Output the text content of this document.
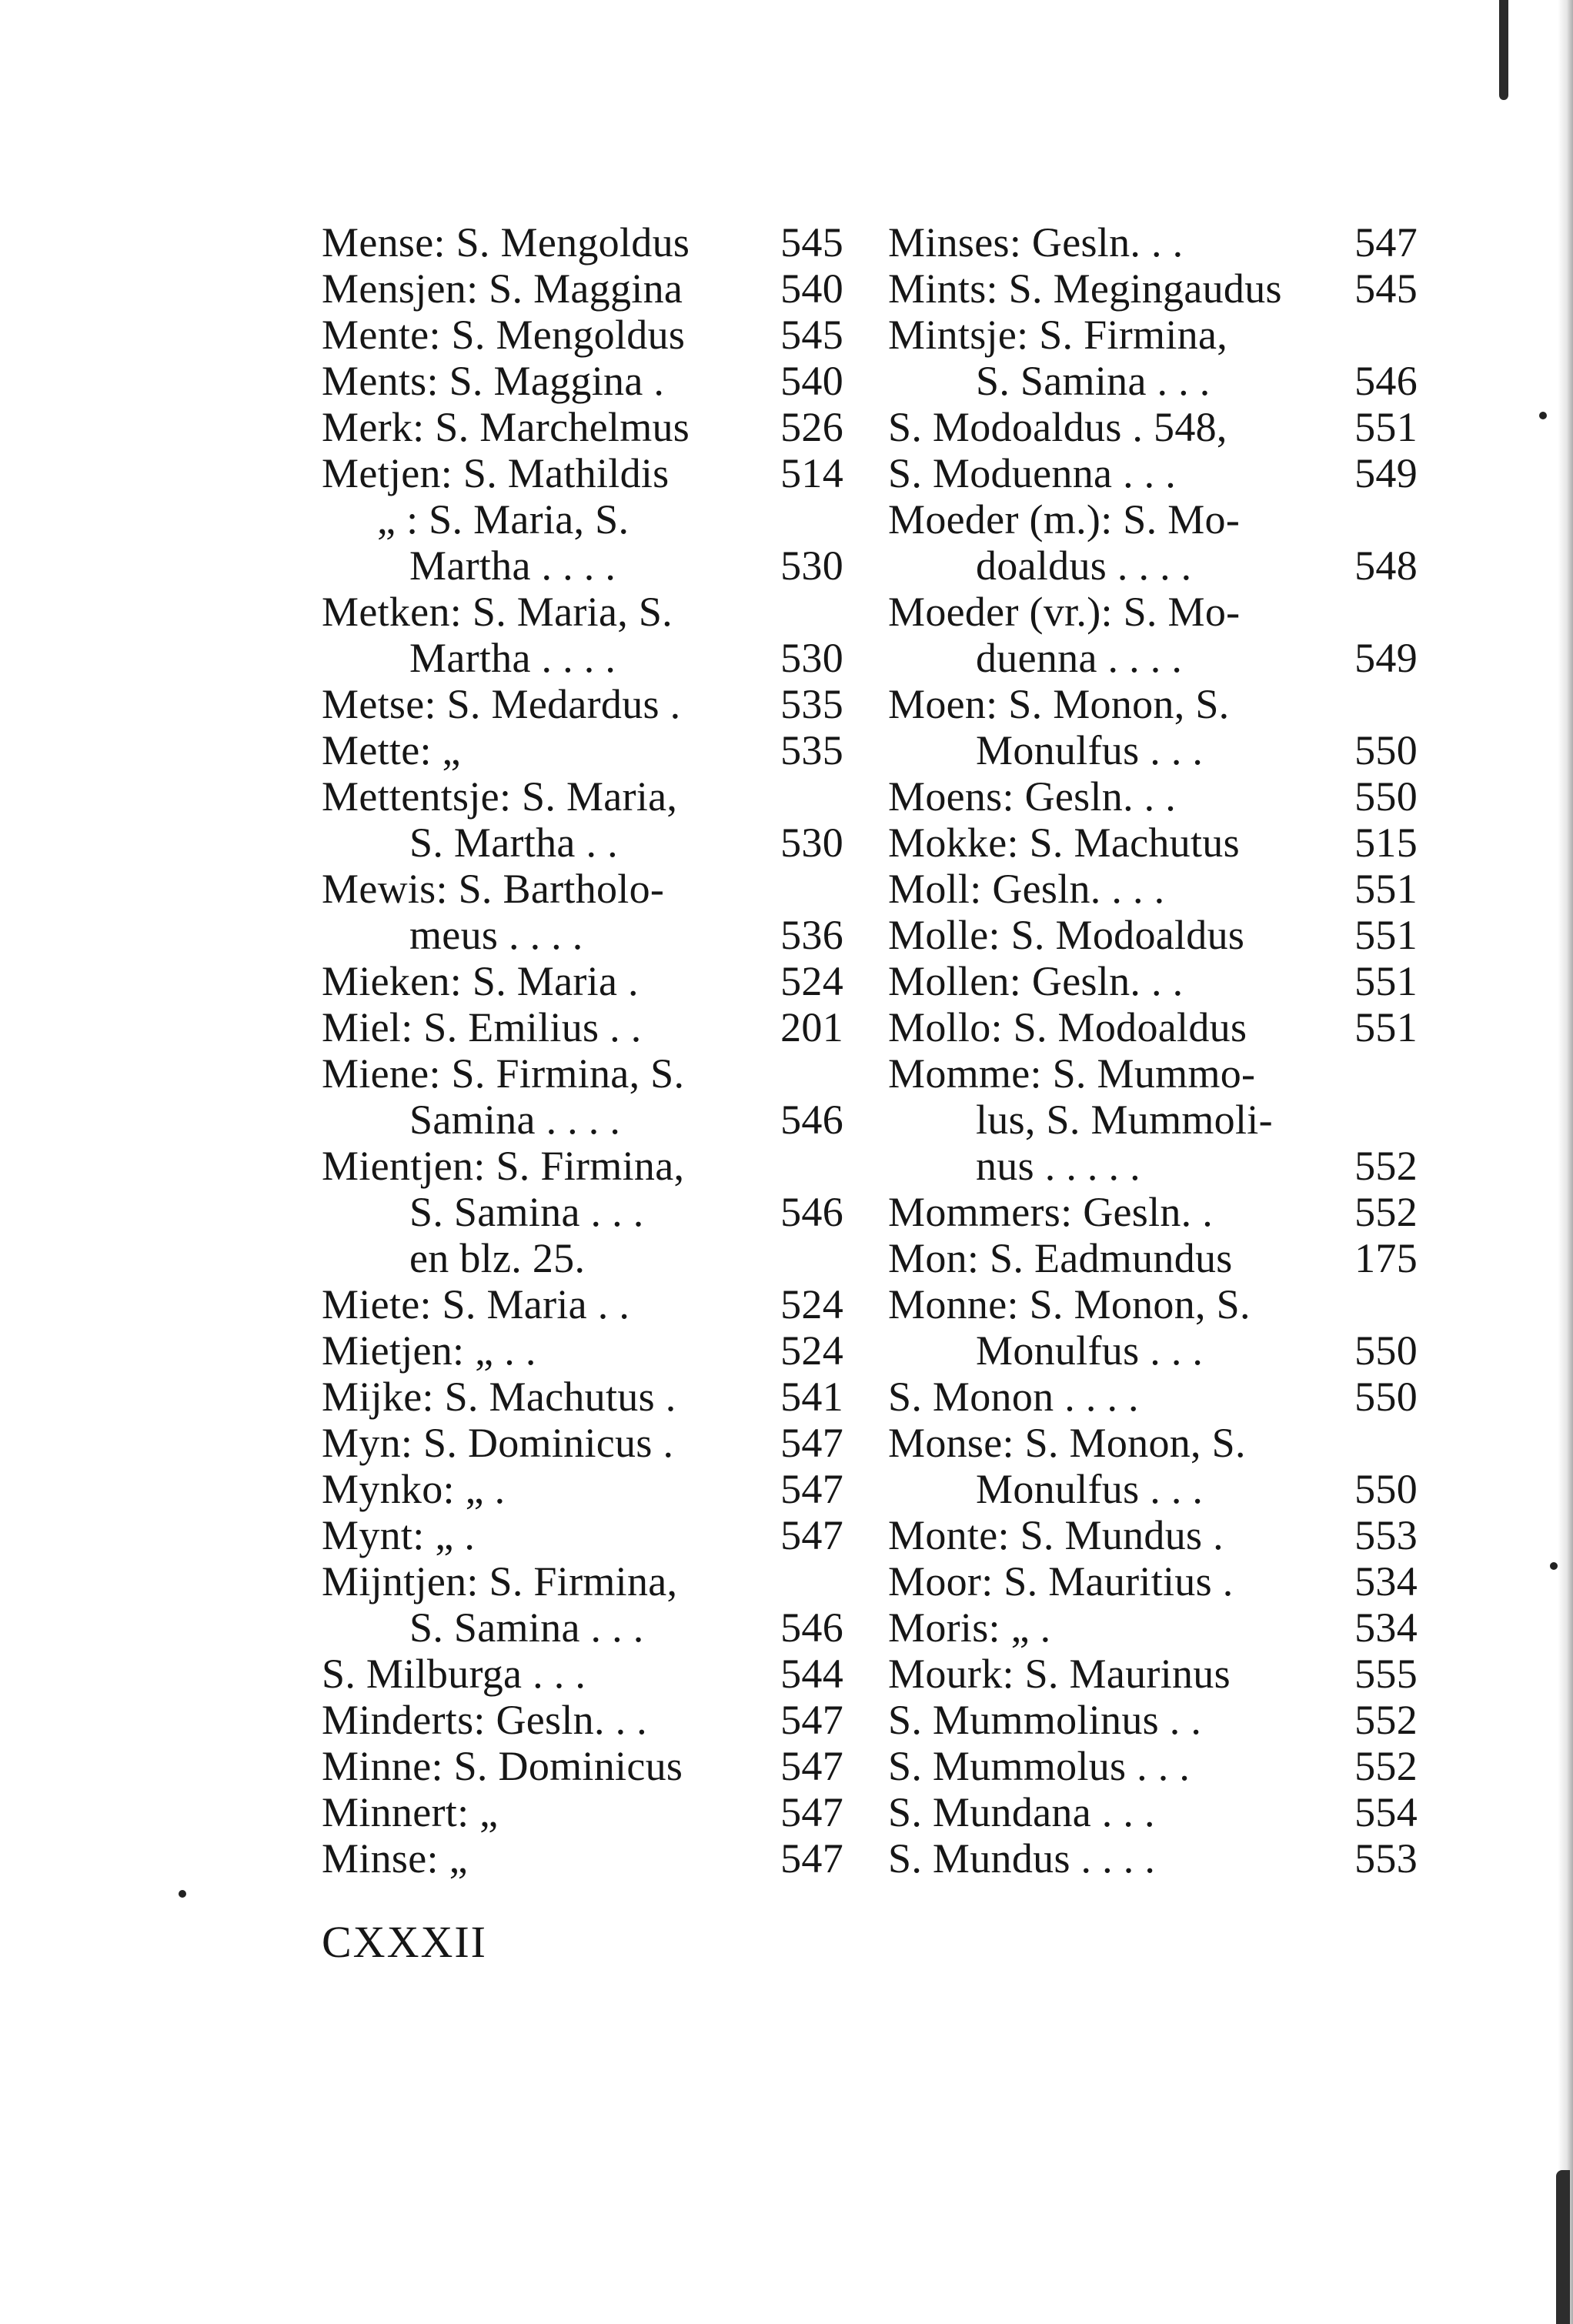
Mense: S. Mengoldus 545
Mensjen: S. Maggina 540
Mente: S. Mengoldus 545
Ments: S. Maggina .	540
Merk: S. Marchelmus 526
Metjen: S. Mathildis	514
„ : S. Maria, S.
Martha . . . .	530
Metken: S. Maria, S.
Martha . . . .	530
Metse: S. Medardus . 535
Mette: „	535
Mettentsje: S. Maria,
S. Martha . .	530
Mewis: S. Bartholo-
meus . . . .	536
Mieken: S. Maria .	524
Miel: S. Emilius . .	201
Miene: S. Firmina, S.
Samina . . . .	546
Mientjen: S. Firmina,
S. Samina . . .	546
en blz. 25.
Miete: S. Maria . .	524
Mietjen: „ . .	524
Mijke: S. Machutus .	541
Myn: S. Dominicus .	547
Mynko: „ .	547
Mynt: „ .	547
Mijntjen: S. Firmina,
S. Samina . . .	546
S. Milburga . . .	544
Minderts: Gesln. . .	547
Minne: S. Dominicus 547
Minnert: „	547
Minse: „	547
Minses: Gesln. . .	547
Mints: S. Megingaudus 545
Mintsje: S. Firmina,
S. Samina . . .	546
S. Modoaldus . 548,	551
S. Moduenna . . .	549
Moeder (m.): S. Mo-
doaldus . . . .	548
Moeder (vr.): S. Mo-
duenna . . . .	549
Moen: S. Monon, S.
Monulfus . . .	550
Moens: Gesln. . .	550
Mokke: S. Machutus	515
Moll: Gesln. . . .	551
Molle: S. Modoaldus	551
Mollen: Gesln. . .	551
Mollo: S. Modoaldus	551
Momme: S. Mummo-
lus, S. Mummoli-
nus . . . . .	552
Mommers: Gesln. .	552
Mon: S. Eadmundus	175
Monne: S. Monon, S.
Monulfus . . .	550
S. Monon . . . .	550
Monse: S. Monon, S.
Monulfus . . .	550
Monte: S. Mundus .	553
Moor: S. Mauritius .	534
Moris: „ .	534
Mourk: S. Maurinus	555
S. Mummolinus . .	552
S. Mummolus . . .	552
S. Mundana . . .	554
S. Mundus . . . .	553
CXXXII
